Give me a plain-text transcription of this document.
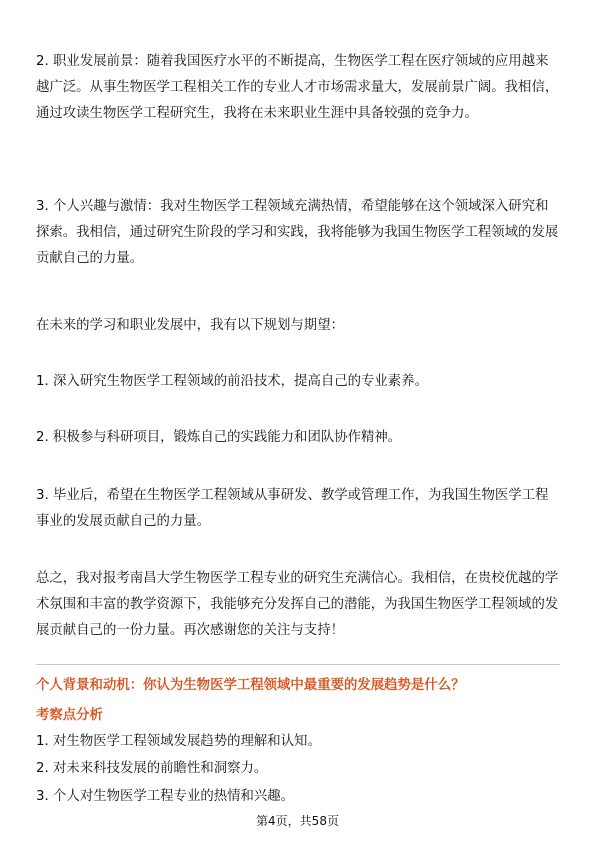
2. 职业发展前景：随着我国医疗水平的不断提高，生物医学工程在医疗领域的应用越来越广泛。从事生物医学工程相关工作的专业人才市场需求量大，发展前景广阔。我相信，通过攻读生物医学工程研究生，我将在未来职业生涯中具备较强的竞争力。

3. 个人兴趣与激情：我对生物医学工程领域充满热情，希望能够在这个领域深入研究和探索。我相信，通过研究生阶段的学习和实践，我将能够为我国生物医学工程领域的发展贡献自己的力量。

在未来的学习和职业发展中，我有以下规划与期望：

1. 深入研究生物医学工程领域的前沿技术，提高自己的专业素养。

2. 积极参与科研项目，锻炼自己的实践能力和团队协作精神。

3. 毕业后，希望在生物医学工程领域从事研发、教学或管理工作，为我国生物医学工程事业的发展贡献自己的力量。

总之，我对报考南昌大学生物医学工程专业的研究生充满信心。我相信，在贵校优越的学术氛围和丰富的教学资源下，我能够充分发挥自己的潜能，为我国生物医学工程领域的发展贡献自己的一份力量。再次感谢您的关注与支持！

个人背景和动机：你认为生物医学工程领域中最重要的发展趋势是什么？

考察点分析

1. 对生物医学工程领域发展趋势的理解和认知。

2. 对未来科技发展的前瞻性和洞察力。

3. 个人对生物医学工程专业的热情和兴趣。

第4页，共58页
